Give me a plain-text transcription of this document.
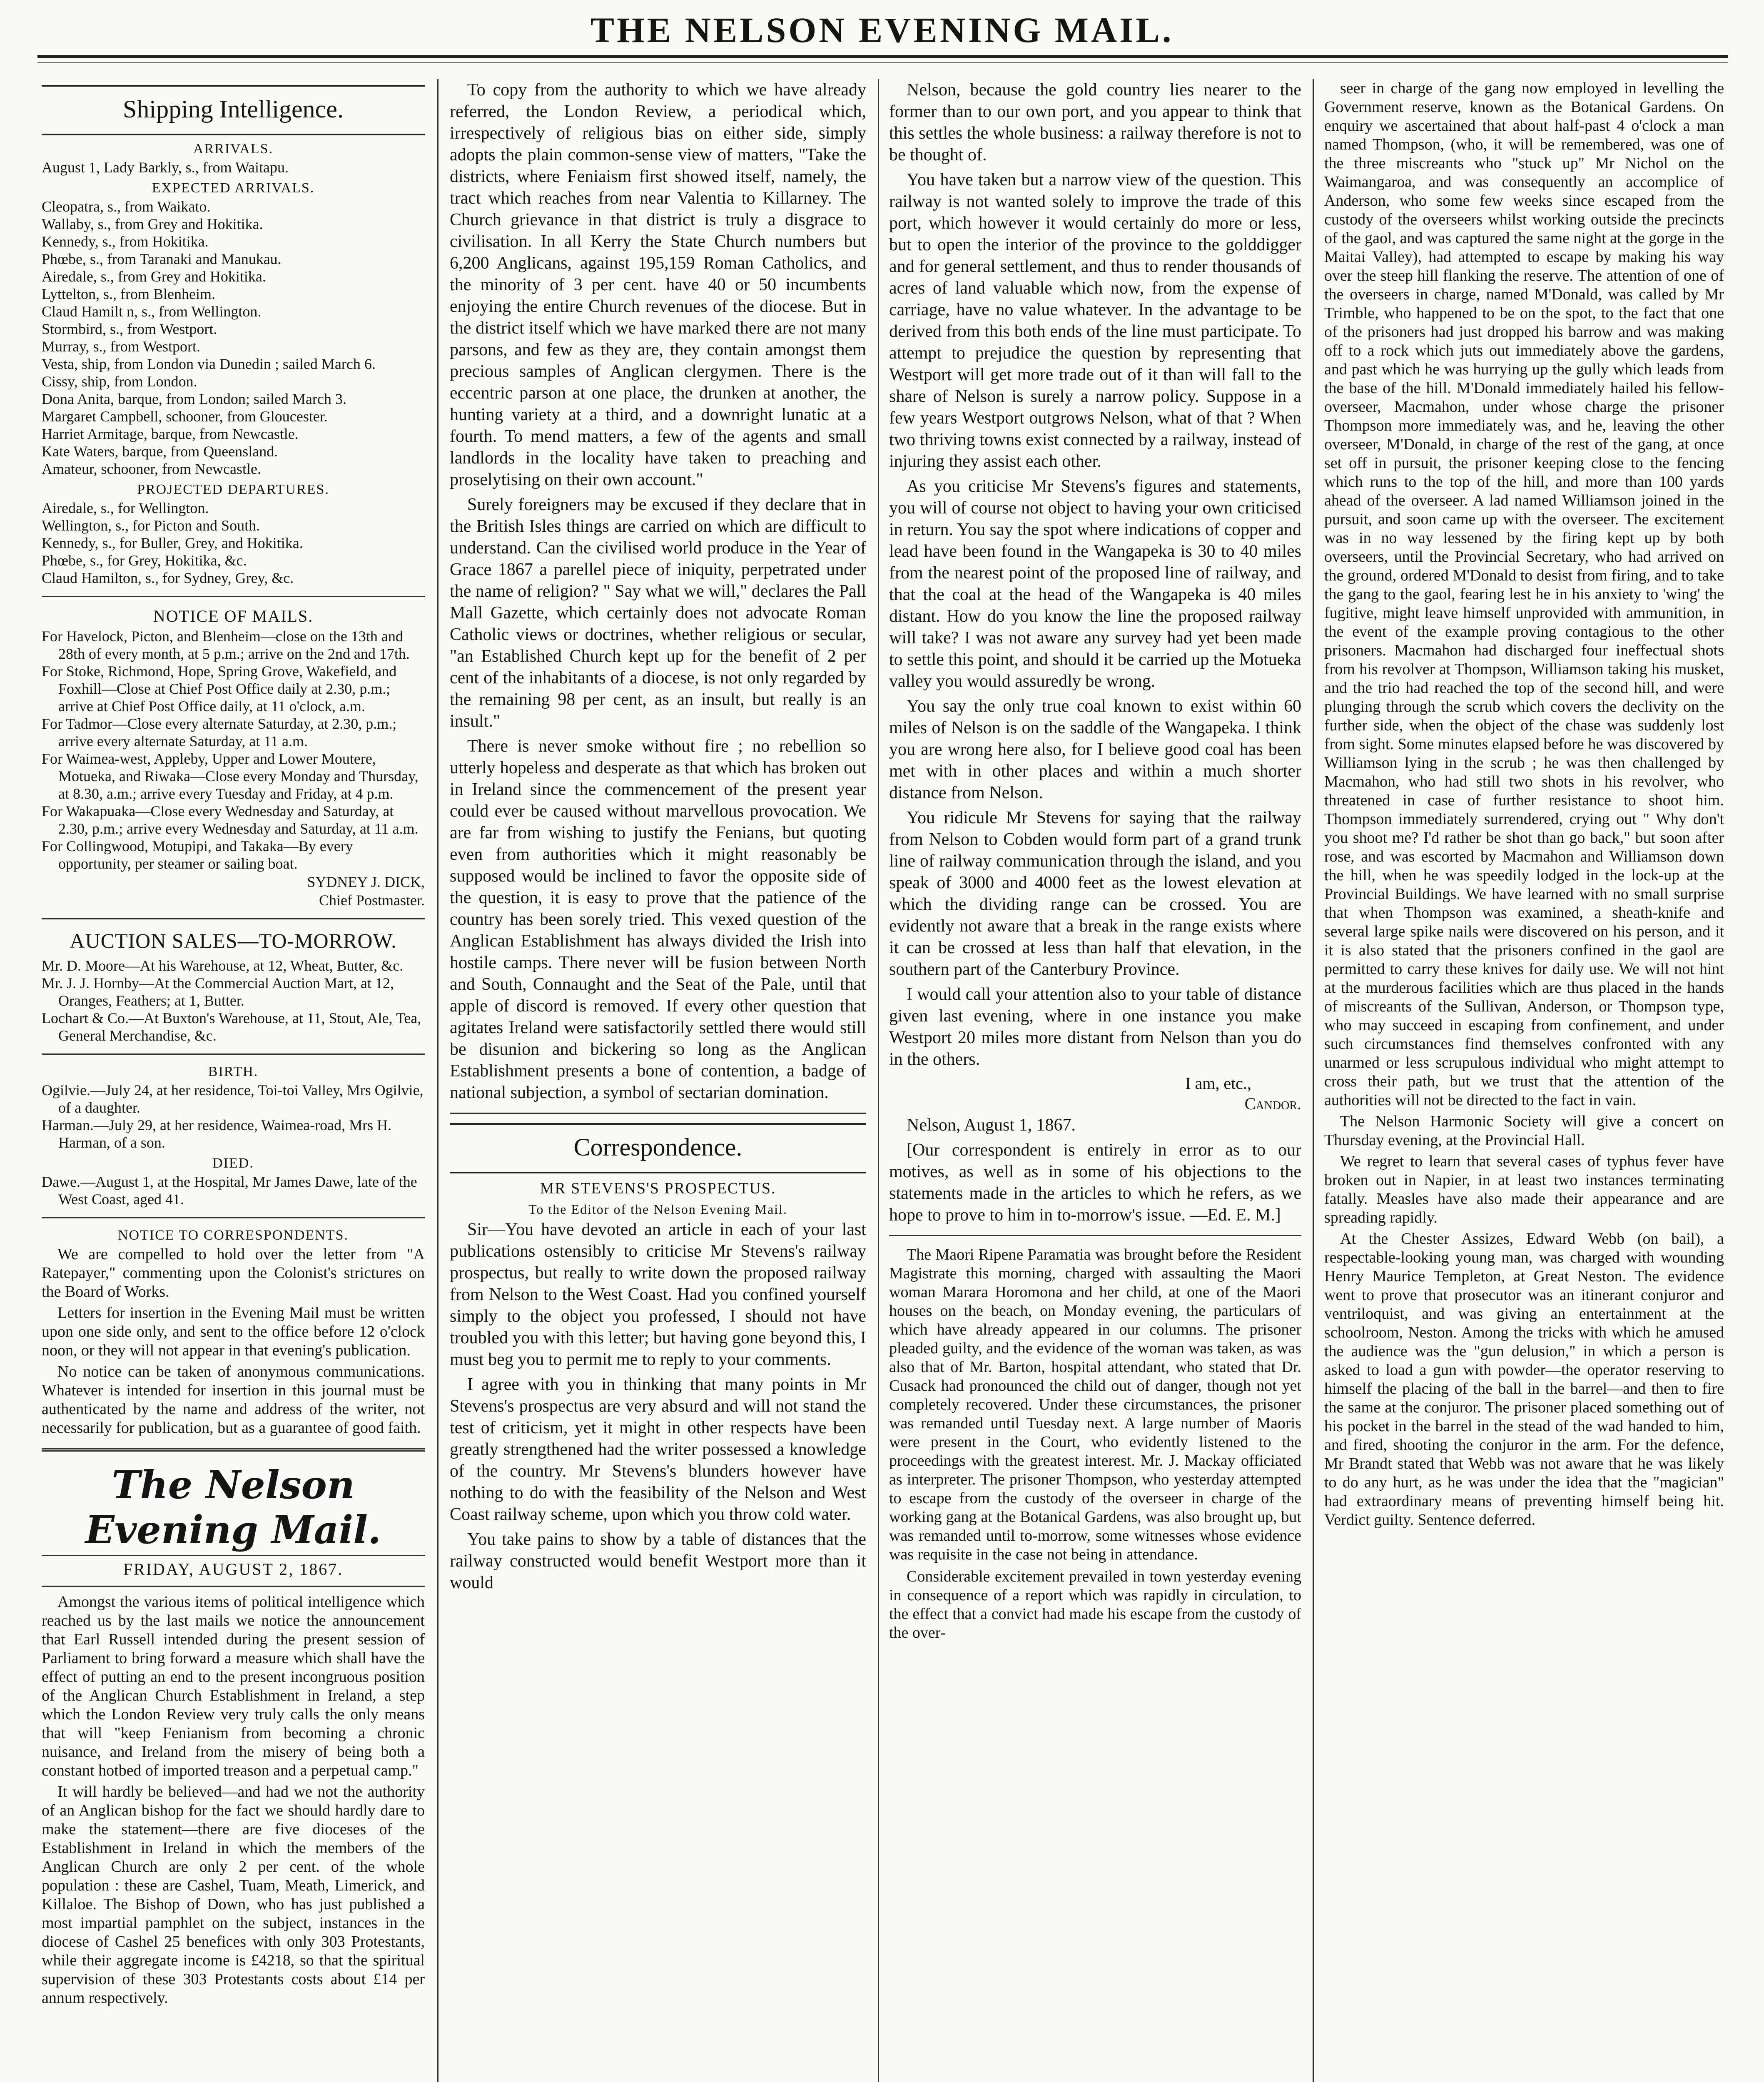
THE NELSON EVENING MAIL.
Shipping Intelligence.
ARRIVALS.
August 1, Lady Barkly, s., from Waitapu.
EXPECTED ARRIVALS.
Cleopatra, s., from Waikato.
Wallaby, s., from Grey and Hokitika.
Kennedy, s., from Hokitika.
Phœbe, s., from Taranaki and Manukau.
Airedale, s., from Grey and Hokitika.
Lyttelton, s., from Blenheim.
Claud Hamilt n, s., from Wellington.
Stormbird, s., from Westport.
Murray, s., from Westport.
Vesta, ship, from London via Dunedin ; sailed March 6.
Cissy, ship, from London.
Dona Anita, barque, from London; sailed March 3.
Margaret Campbell, schooner, from Gloucester.
Harriet Armitage, barque, from Newcastle.
Kate Waters, barque, from Queensland.
Amateur, schooner, from Newcastle.
PROJECTED DEPARTURES.
Airedale, s., for Wellington.
Wellington, s., for Picton and South.
Kennedy, s., for Buller, Grey, and Hokitika.
Phœbe, s., for Grey, Hokitika, &c.
Claud Hamilton, s., for Sydney, Grey, &c.
NOTICE OF MAILS.
For Havelock, Picton, and Blenheim—close on the 13th and 28th of every month, at 5 p.m.; arrive on the 2nd and 17th.
For Stoke, Richmond, Hope, Spring Grove, Wakefield, and Foxhill—Close at Chief Post Office daily at 2.30, p.m.; arrive at Chief Post Office daily, at 11 o'clock, a.m.
For Tadmor—Close every alternate Saturday, at 2.30, p.m.; arrive every alternate Saturday, at 11 a.m.
For Waimea-west, Appleby, Upper and Lower Moutere, Motueka, and Riwaka—Close every Monday and Thursday, at 8.30, a.m.; arrive every Tuesday and Friday, at 4 p.m.
For Wakapuaka—Close every Wednesday and Saturday, at 2.30, p.m.; arrive every Wednesday and Saturday, at 11 a.m.
For Collingwood, Motupipi, and Takaka—By every opportunity, per steamer or sailing boat.
SYDNEY J. DICK,
Chief Postmaster.
AUCTION SALES—TO-MORROW.
Mr. D. Moore—At his Warehouse, at 12, Wheat, Butter, &c.
Mr. J. J. Hornby—At the Commercial Auction Mart, at 12, Oranges, Feathers; at 1, Butter.
Lochart & Co.—At Buxton's Warehouse, at 11, Stout, Ale, Tea, General Merchandise, &c.
BIRTH.
Ogilvie.—July 24, at her residence, Toi-toi Valley, Mrs Ogilvie, of a daughter.
Harman.—July 29, at her residence, Waimea-road, Mrs H. Harman, of a son.
DIED.
Dawe.—August 1, at the Hospital, Mr James Dawe, late of the West Coast, aged 41.
NOTICE TO CORRESPONDENTS.

We are compelled to hold over the letter from "A Ratepayer," commenting upon the Colonist's strictures on the Board of Works.

Letters for insertion in the Evening Mail must be written upon one side only, and sent to the office before 12 o'clock noon, or they will not appear in that evening's publication.

No notice can be taken of anonymous communications. Whatever is intended for insertion in this journal must be authenticated by the name and address of the writer, not necessarily for publication, but as a guarantee of good faith.

The Nelson Evening Mail.
FRIDAY, AUGUST 2, 1867.

Amongst the various items of political intelligence which reached us by the last mails we notice the announcement that Earl Russell intended during the present session of Parliament to bring forward a measure which shall have the effect of putting an end to the present incongruous position of the Anglican Church Establishment in Ireland, a step which the London Review very truly calls the only means that will "keep Fenianism from becoming a chronic nuisance, and Ireland from the misery of being both a constant hotbed of imported treason and a perpetual camp."

It will hardly be believed—and had we not the authority of an Anglican bishop for the fact we should hardly dare to make the statement—there are five dioceses of the Establishment in Ireland in which the members of the Anglican Church are only 2 per cent. of the whole population : these are Cashel, Tuam, Meath, Limerick, and Killaloe. The Bishop of Down, who has just published a most impartial pamphlet on the subject, instances in the diocese of Cashel 25 benefices with only 303 Protestants, while their aggregate income is £4218, so that the spiritual supervision of these 303 Protestants costs about £14 per annum respectively.

To copy from the authority to which we have already referred, the London Review, a periodical which, irrespectively of religious bias on either side, simply adopts the plain common-sense view of matters, "Take the districts, where Feniaism first showed itself, namely, the tract which reaches from near Valentia to Killarney. The Church grievance in that district is truly a disgrace to civilisation. In all Kerry the State Church numbers but 6,200 Anglicans, against 195,159 Roman Catholics, and the minority of 3 per cent. have 40 or 50 incumbents enjoying the entire Church revenues of the diocese. But in the district itself which we have marked there are not many parsons, and few as they are, they contain amongst them precious samples of Anglican clergymen. There is the eccentric parson at one place, the drunken at another, the hunting variety at a third, and a downright lunatic at a fourth. To mend matters, a few of the agents and small landlords in the locality have taken to preaching and proselytising on their own account."

Surely foreigners may be excused if they declare that in the British Isles things are carried on which are difficult to understand. Can the civilised world produce in the Year of Grace 1867 a parellel piece of iniquity, perpetrated under the name of religion? " Say what we will," declares the Pall Mall Gazette, which certainly does not advocate Roman Catholic views or doctrines, whether religious or secular, "an Established Church kept up for the benefit of 2 per cent of the inhabitants of a diocese, is not only regarded by the remaining 98 per cent, as an insult, but really is an insult."

There is never smoke without fire ; no rebellion so utterly hopeless and desperate as that which has broken out in Ireland since the commencement of the present year could ever be caused without marvellous provocation. We are far from wishing to justify the Fenians, but quoting even from authorities which it might reasonably be supposed would be inclined to favor the opposite side of the question, it is easy to prove that the patience of the country has been sorely tried. This vexed question of the Anglican Establishment has always divided the Irish into hostile camps. There never will be fusion between North and South, Connaught and the Seat of the Pale, until that apple of discord is removed. If every other question that agitates Ireland were satisfactorily settled there would still be disunion and bickering so long as the Anglican Establishment presents a bone of contention, a badge of national subjection, a symbol of sectarian domination.

Correspondence.
MR STEVENS'S PROSPECTUS.
To the Editor of the Nelson Evening Mail.

Sir—You have devoted an article in each of your last publications ostensibly to criticise Mr Stevens's railway prospectus, but really to write down the proposed railway from Nelson to the West Coast. Had you confined yourself simply to the object you professed, I should not have troubled you with this letter; but having gone beyond this, I must beg you to permit me to reply to your comments.

I agree with you in thinking that many points in Mr Stevens's prospectus are very absurd and will not stand the test of criticism, yet it might in other respects have been greatly strengthened had the writer possessed a knowledge of the country. Mr Stevens's blunders however have nothing to do with the feasibility of the Nelson and West Coast railway scheme, upon which you throw cold water.

You take pains to show by a table of distances that the railway constructed would benefit Westport more than it would

Nelson, because the gold country lies nearer to the former than to our own port, and you appear to think that this settles the whole business: a railway therefore is not to be thought of.

You have taken but a narrow view of the question. This railway is not wanted solely to improve the trade of this port, which however it would certainly do more or less, but to open the interior of the province to the golddigger and for general settlement, and thus to render thousands of acres of land valuable which now, from the expense of carriage, have no value whatever. In the advantage to be derived from this both ends of the line must participate. To attempt to prejudice the question by representing that Westport will get more trade out of it than will fall to the share of Nelson is surely a narrow policy. Suppose in a few years Westport outgrows Nelson, what of that ? When two thriving towns exist connected by a railway, instead of injuring they assist each other.

As you criticise Mr Stevens's figures and statements, you will of course not object to having your own criticised in return. You say the spot where indications of copper and lead have been found in the Wangapeka is 30 to 40 miles from the nearest point of the proposed line of railway, and that the coal at the head of the Wangapeka is 40 miles distant. How do you know the line the proposed railway will take? I was not aware any survey had yet been made to settle this point, and should it be carried up the Motueka valley you would assuredly be wrong.

You say the only true coal known to exist within 60 miles of Nelson is on the saddle of the Wangapeka. I think you are wrong here also, for I believe good coal has been met with in other places and within a much shorter distance from Nelson.

You ridicule Mr Stevens for saying that the railway from Nelson to Cobden would form part of a grand trunk line of railway communication through the island, and you speak of 3000 and 4000 feet as the lowest elevation at which the dividing range can be crossed. You are evidently not aware that a break in the range exists where it can be crossed at less than half that elevation, in the southern part of the Canterbury Province.

I would call your attention also to your table of distance given last evening, where in one instance you make Westport 20 miles more distant from Nelson than you do in the others.

I am, etc.,
Candor.

Nelson, August 1, 1867.

[Our correspondent is entirely in error as to our motives, as well as in some of his objections to the statements made in the articles to which he refers, as we hope to prove to him in to-morrow's issue. —Ed. E. M.]

The Maori Ripene Paramatia was brought before the Resident Magistrate this morning, charged with assaulting the Maori woman Marara Horomona and her child, at one of the Maori houses on the beach, on Monday evening, the particulars of which have already appeared in our columns. The prisoner pleaded guilty, and the evidence of the woman was taken, as was also that of Mr. Barton, hospital attendant, who stated that Dr. Cusack had pronounced the child out of danger, though not yet completely recovered. Under these circumstances, the prisoner was remanded until Tuesday next. A large number of Maoris were present in the Court, who evidently listened to the proceedings with the greatest interest. Mr. J. Mackay officiated as interpreter. The prisoner Thompson, who yesterday attempted to escape from the custody of the overseer in charge of the working gang at the Botanical Gardens, was also brought up, but was remanded until to-morrow, some witnesses whose evidence was requisite in the case not being in attendance.

Considerable excitement prevailed in town yesterday evening in consequence of a report which was rapidly in circulation, to the effect that a convict had made his escape from the custody of the over-

seer in charge of the gang now employed in levelling the Government reserve, known as the Botanical Gardens. On enquiry we ascertained that about half-past 4 o'clock a man named Thompson, (who, it will be remembered, was one of the three miscreants who "stuck up" Mr Nichol on the Waimangaroa, and was consequently an accomplice of Anderson, who some few weeks since escaped from the custody of the overseers whilst working outside the precincts of the gaol, and was captured the same night at the gorge in the Maitai Valley), had attempted to escape by making his way over the steep hill flanking the reserve. The attention of one of the overseers in charge, named M'Donald, was called by Mr Trimble, who happened to be on the spot, to the fact that one of the prisoners had just dropped his barrow and was making off to a rock which juts out immediately above the gardens, and past which he was hurrying up the gully which leads from the base of the hill. M'Donald immediately hailed his fellow-overseer, Macmahon, under whose charge the prisoner Thompson more immediately was, and he, leaving the other overseer, M'Donald, in charge of the rest of the gang, at once set off in pursuit, the prisoner keeping close to the fencing which runs to the top of the hill, and more than 100 yards ahead of the overseer. A lad named Williamson joined in the pursuit, and soon came up with the overseer. The excitement was in no way lessened by the firing kept up by both overseers, until the Provincial Secretary, who had arrived on the ground, ordered M'Donald to desist from firing, and to take the gang to the gaol, fearing lest he in his anxiety to 'wing' the fugitive, might leave himself unprovided with ammunition, in the event of the example proving contagious to the other prisoners. Macmahon had discharged four ineffectual shots from his revolver at Thompson, Williamson taking his musket, and the trio had reached the top of the second hill, and were plunging through the scrub which covers the declivity on the further side, when the object of the chase was suddenly lost from sight. Some minutes elapsed before he was discovered by Williamson lying in the scrub ; he was then challenged by Macmahon, who had still two shots in his revolver, who threatened in case of further resistance to shoot him. Thompson immediately surrendered, crying out " Why don't you shoot me? I'd rather be shot than go back," but soon after rose, and was escorted by Macmahon and Williamson down the hill, when he was speedily lodged in the lock-up at the Provincial Buildings. We have learned with no small surprise that when Thompson was examined, a sheath-knife and several large spike nails were discovered on his person, and it it is also stated that the prisoners confined in the gaol are permitted to carry these knives for daily use. We will not hint at the murderous facilities which are thus placed in the hands of miscreants of the Sullivan, Anderson, or Thompson type, who may succeed in escaping from confinement, and under such circumstances find themselves confronted with any unarmed or less scrupulous individual who might attempt to cross their path, but we trust that the attention of the authorities will not be directed to the fact in vain.

The Nelson Harmonic Society will give a concert on Thursday evening, at the Provincial Hall.

We regret to learn that several cases of typhus fever have broken out in Napier, in at least two instances terminating fatally. Measles have also made their appearance and are spreading rapidly.

At the Chester Assizes, Edward Webb (on bail), a respectable-looking young man, was charged with wounding Henry Maurice Templeton, at Great Neston. The evidence went to prove that prosecutor was an itinerant conjuror and ventriloquist, and was giving an entertainment at the schoolroom, Neston. Among the tricks with which he amused the audience was the "gun delusion," in which a person is asked to load a gun with powder—the operator reserving to himself the placing of the ball in the barrel—and then to fire the same at the conjuror. The prisoner placed something out of his pocket in the barrel in the stead of the wad handed to him, and fired, shooting the conjuror in the arm. For the defence, Mr Brandt stated that Webb was not aware that he was likely to do any hurt, as he was under the idea that the "magician" had extraordinary means of preventing himself being hit. Verdict guilty. Sentence deferred.
